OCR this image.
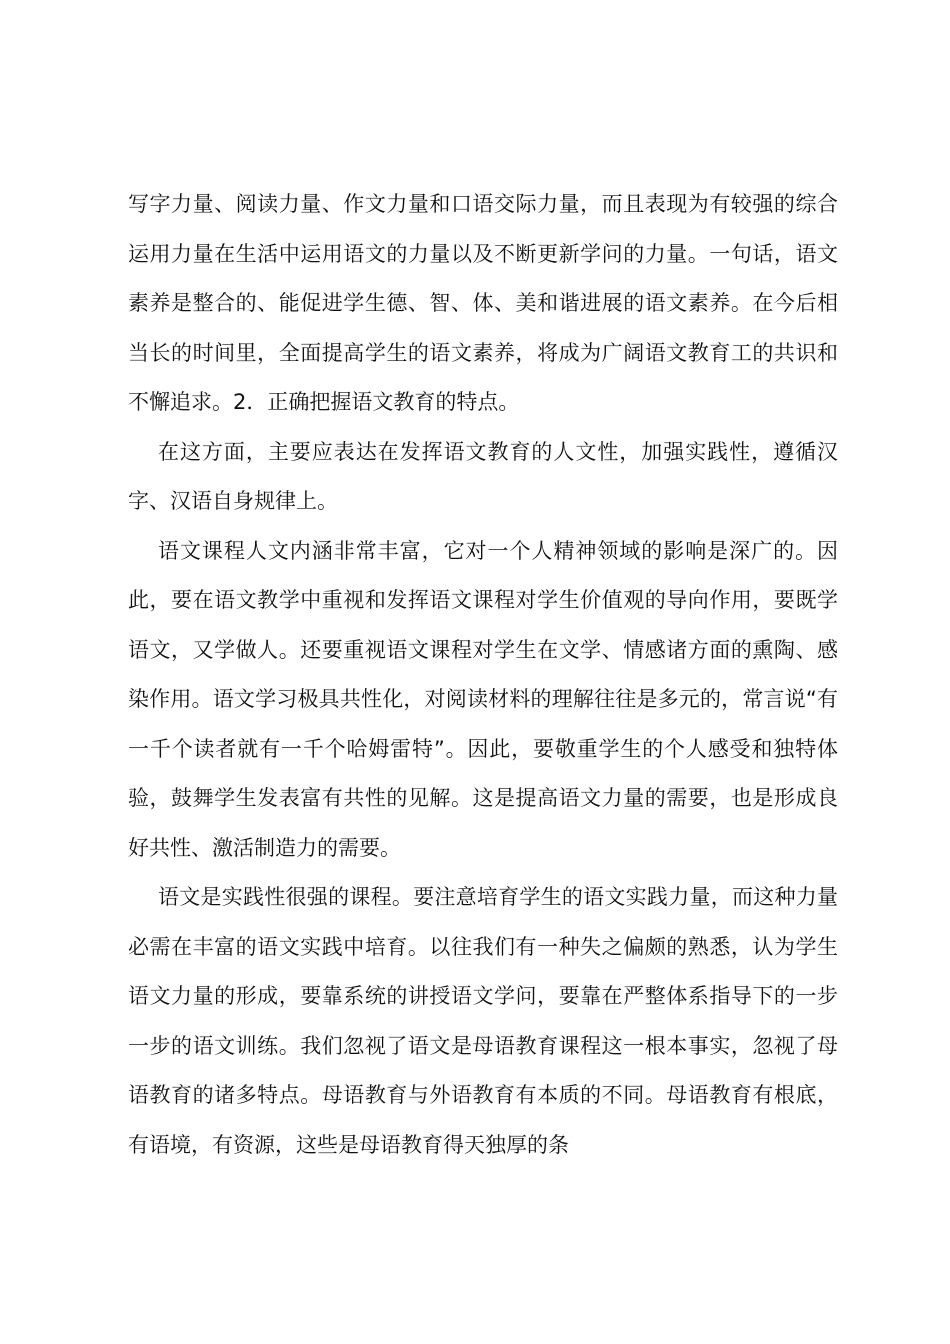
写字力量、阅读力量、作文力量和口语交际力量，而且表现为有较强的综合运用力量在生活中运用语文的力量以及不断更新学问的力量。一句话，语文素养是整合的、能促进学生德、智、体、美和谐进展的语文素养。在今后相当长的时间里，全面提高学生的语文素养，将成为广阔语文教育工的共识和不懈追求。2．正确把握语文教育的特点。

在这方面，主要应表达在发挥语文教育的人文性，加强实践性，遵循汉字、汉语自身规律上。

语文课程人文内涵非常丰富，它对一个人精神领域的影响是深广的。因此，要在语文教学中重视和发挥语文课程对学生价值观的导向作用，要既学语文，又学做人。还要重视语文课程对学生在文学、情感诸方面的熏陶、感染作用。语文学习极具共性化，对阅读材料的理解往往是多元的，常言说“有一千个读者就有一千个哈姆雷特”。因此，要敬重学生的个人感受和独特体验，鼓舞学生发表富有共性的见解。这是提高语文力量的需要，也是形成良好共性、激活制造力的需要。

语文是实践性很强的课程。要注意培育学生的语文实践力量，而这种力量必需在丰富的语文实践中培育。以往我们有一种失之偏颇的熟悉，认为学生语文力量的形成，要靠系统的讲授语文学问，要靠在严整体系指导下的一步一步的语文训练。我们忽视了语文是母语教育课程这一根本事实，忽视了母语教育的诸多特点。母语教育与外语教育有本质的不同。母语教育有根底，有语境，有资源，这些是母语教育得天独厚的条
